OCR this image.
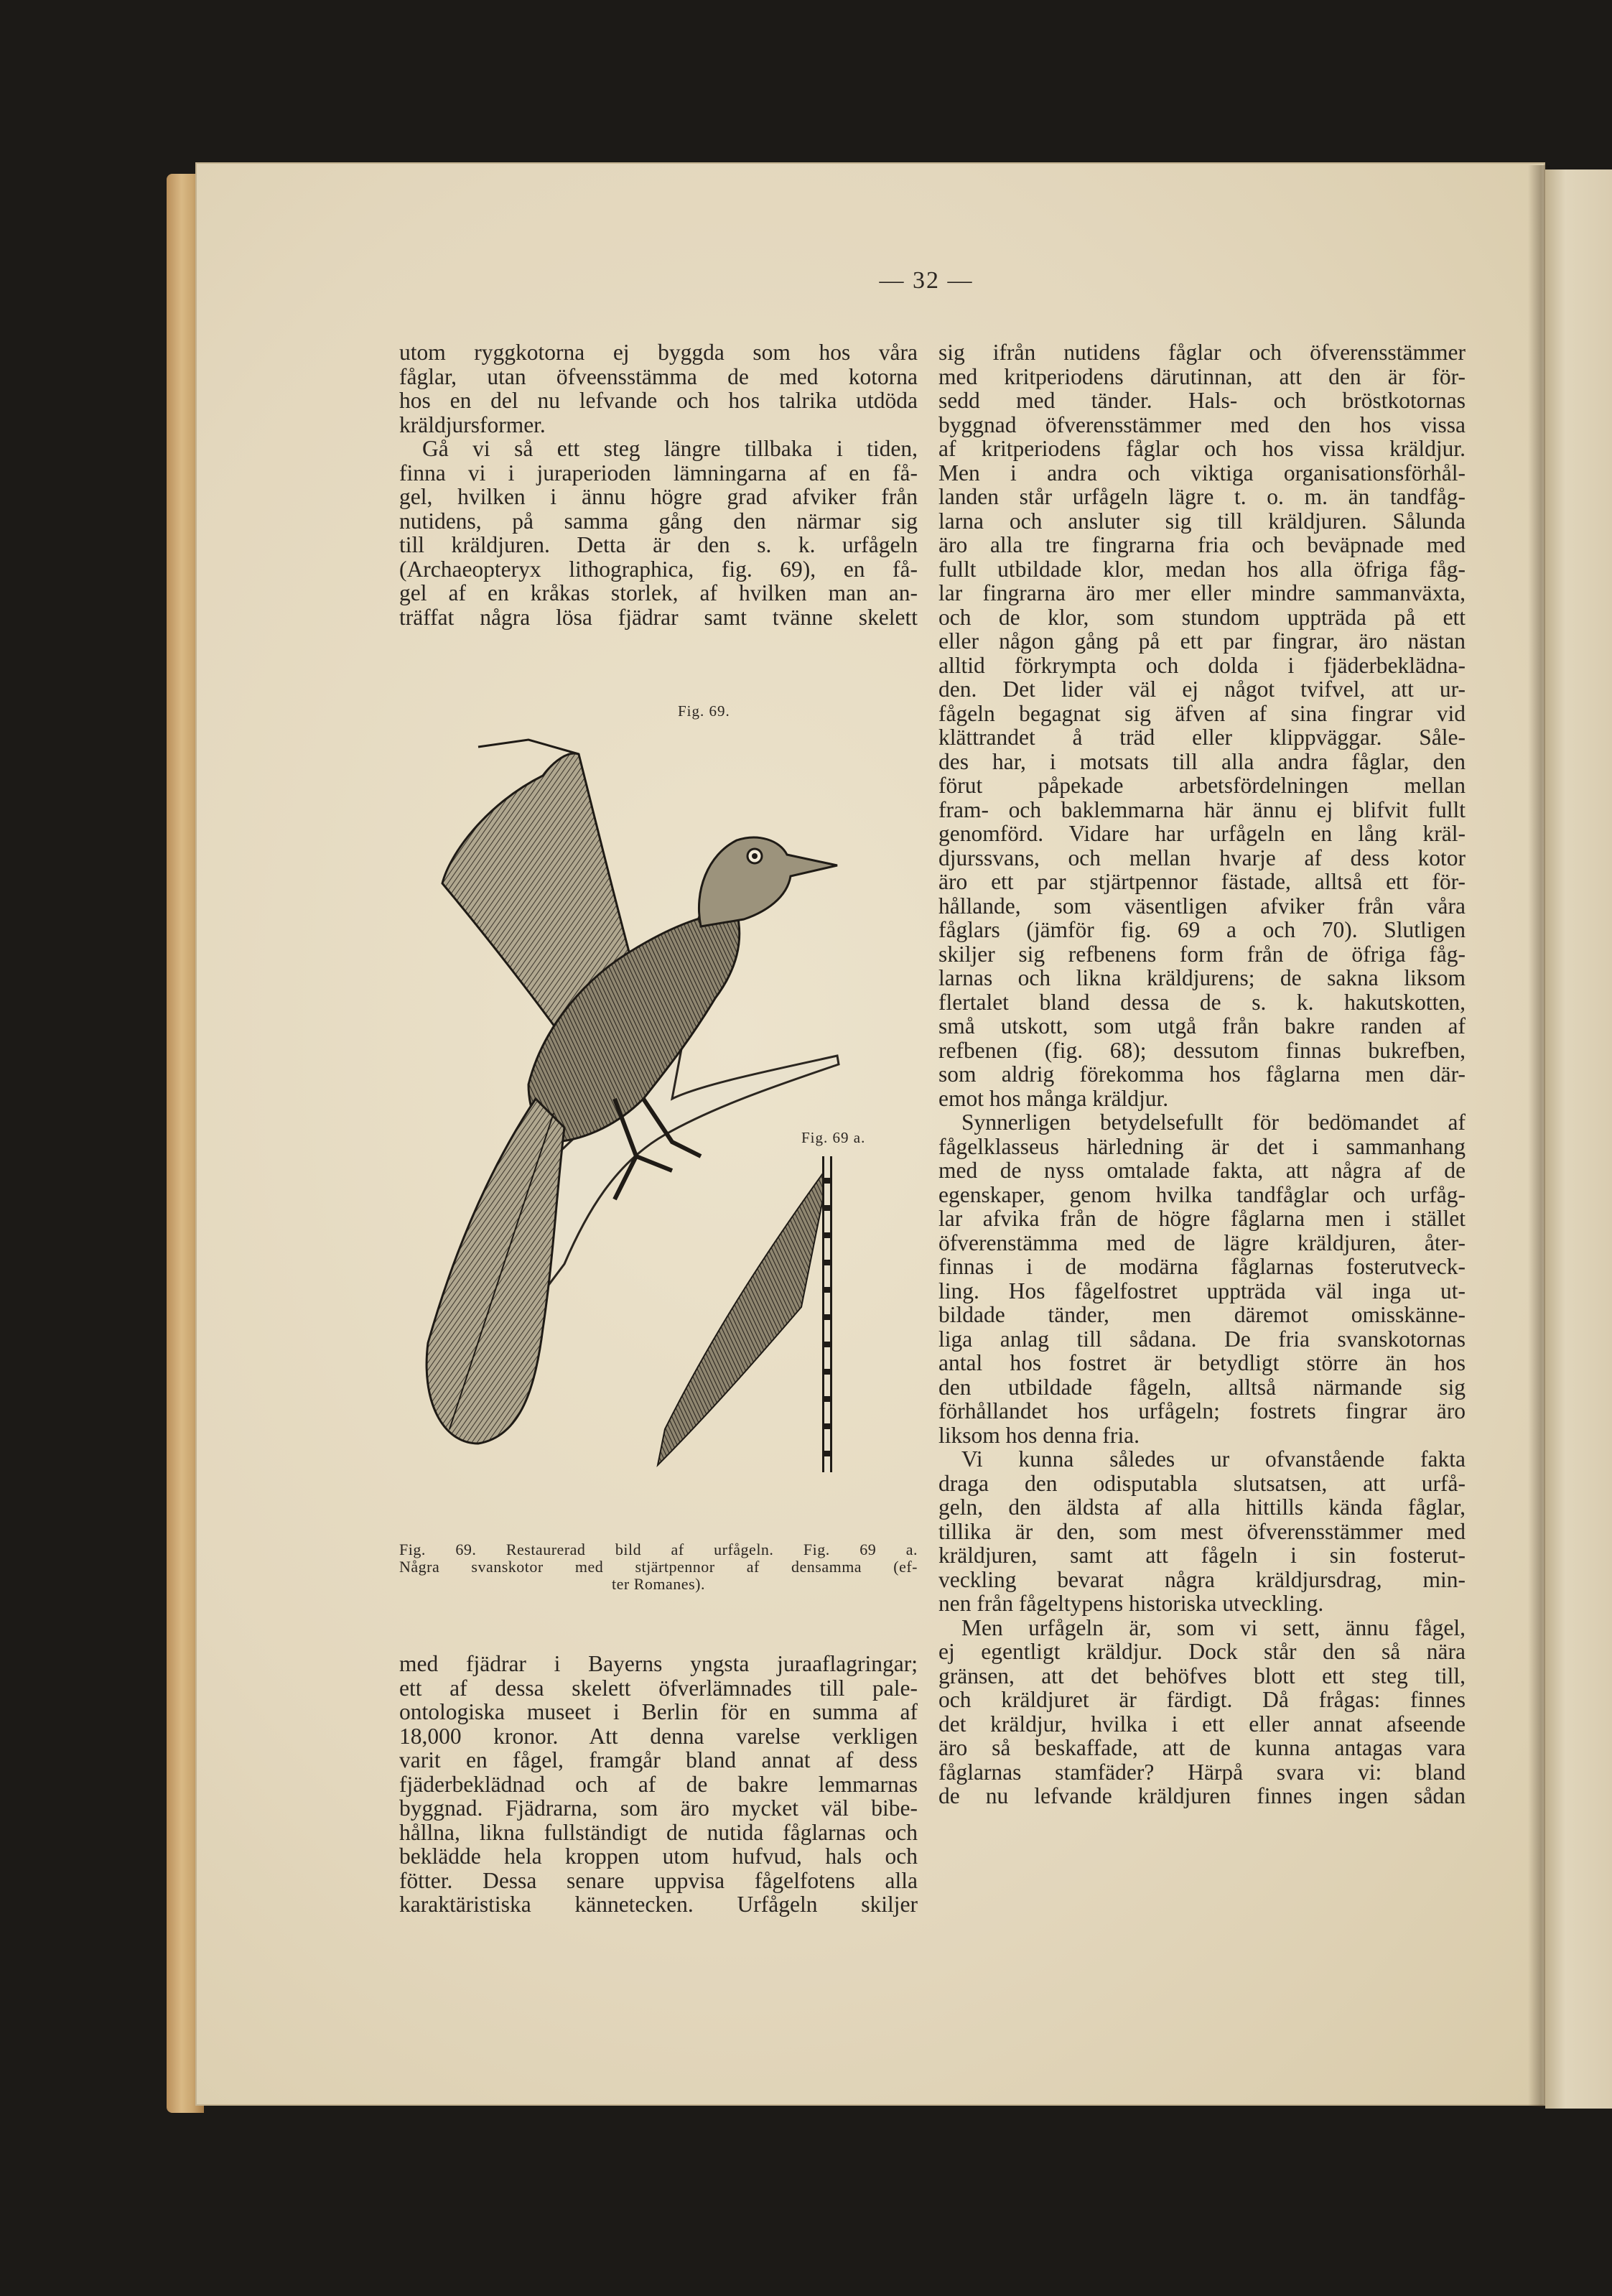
— 32 —

utom ryggkotorna ej byggda som hos våra

fåglar, utan öfveensstämma de med kotorna

hos en del nu lefvande och hos talrika utdöda

kräldjursformer.

Gå vi så ett steg längre tillbaka i tiden,

finna vi i juraperioden lämningarna af en få-

gel, hvilken i ännu högre grad afviker från

nutidens, på samma gång den närmar sig

till kräldjuren. Detta är den s. k. urfågeln

(Archaeopteryx lithographica, fig. 69), en få-

gel af en kråkas storlek, af hvilken man an-

träffat några lösa fjädrar samt tvänne skelett

Fig. 69.
Fig. 69 a.

Fig. 69. Restaurerad bild af urfågeln. Fig. 69 a.

Några svanskotor med stjärtpennor af densamma (ef-

ter Romanes).

med fjädrar i Bayerns yngsta juraaflagringar;

ett af dessa skelett öfverlämnades till pale-

ontologiska museet i Berlin för en summa af

18,000 kronor. Att denna varelse verkligen

varit en fågel, framgår bland annat af dess

fjäderbeklädnad och af de bakre lemmarnas

byggnad. Fjädrarna, som äro mycket väl bibe-

hållna, likna fullständigt de nutida fåglarnas och

beklädde hela kroppen utom hufvud, hals och

fötter. Dessa senare uppvisa fågelfotens alla

karaktäristiska kännetecken. Urfågeln skiljer

sig ifrån nutidens fåglar och öfverensstämmer

med kritperiodens därutinnan, att den är för-

sedd med tänder. Hals- och bröstkotornas

byggnad öfverensstämmer med den hos vissa

af kritperiodens fåglar och hos vissa kräldjur.

Men i andra och viktiga organisationsförhål-

landen står urfågeln lägre t. o. m. än tandfåg-

larna och ansluter sig till kräldjuren. Sålunda

äro alla tre fingrarna fria och beväpnade med

fullt utbildade klor, medan hos alla öfriga fåg-

lar fingrarna äro mer eller mindre sammanväxta,

och de klor, som stundom uppträda på ett

eller någon gång på ett par fingrar, äro nästan

alltid förkrympta och dolda i fjäderbeklädna-

den. Det lider väl ej något tvifvel, att ur-

fågeln begagnat sig äfven af sina fingrar vid

klättrandet å träd eller klippväggar. Såle-

des har, i motsats till alla andra fåglar, den

förut påpekade arbetsfördelningen mellan

fram- och baklemmarna här ännu ej blifvit fullt

genomförd. Vidare har urfågeln en lång kräl-

djurssvans, och mellan hvarje af dess kotor

äro ett par stjärtpennor fästade, alltså ett för-

hållande, som väsentligen afviker från våra

fåglars (jämför fig. 69 a och 70). Slutligen

skiljer sig refbenens form från de öfriga fåg-

larnas och likna kräldjurens; de sakna liksom

flertalet bland dessa de s. k. hakutskotten,

små utskott, som utgå från bakre randen af

refbenen (fig. 68); dessutom finnas bukrefben,

som aldrig förekomma hos fåglarna men där-

emot hos många kräldjur.

Synnerligen betydelsefullt för bedömandet af

fågelklasseus härledning är det i sammanhang

med de nyss omtalade fakta, att några af de

egenskaper, genom hvilka tandfåglar och urfåg-

lar afvika från de högre fåglarna men i stället

öfverenstämma med de lägre kräldjuren, åter-

finnas i de modärna fåglarnas fosterutveck-

ling. Hos fågelfostret uppträda väl inga ut-

bildade tänder, men däremot omisskänne-

liga anlag till sådana. De fria svanskotornas

antal hos fostret är betydligt större än hos

den utbildade fågeln, alltså närmande sig

förhållandet hos urfågeln; fostrets fingrar äro

liksom hos denna fria.

Vi kunna således ur ofvanstående fakta

draga den odisputabla slutsatsen, att urfå-

geln, den äldsta af alla hittills kända fåglar,

tillika är den, som mest öfverensstämmer med

kräldjuren, samt att fågeln i sin fosterut-

veckling bevarat några kräldjursdrag, min-

nen från fågeltypens historiska utveckling.

Men urfågeln är, som vi sett, ännu fågel,

ej egentligt kräldjur. Dock står den så nära

gränsen, att det behöfves blott ett steg till,

och kräldjuret är färdigt. Då frågas: finnes

det kräldjur, hvilka i ett eller annat afseende

äro så beskaffade, att de kunna antagas vara

fåglarnas stamfäder? Härpå svara vi: bland

de nu lefvande kräldjuren finnes ingen sådan
